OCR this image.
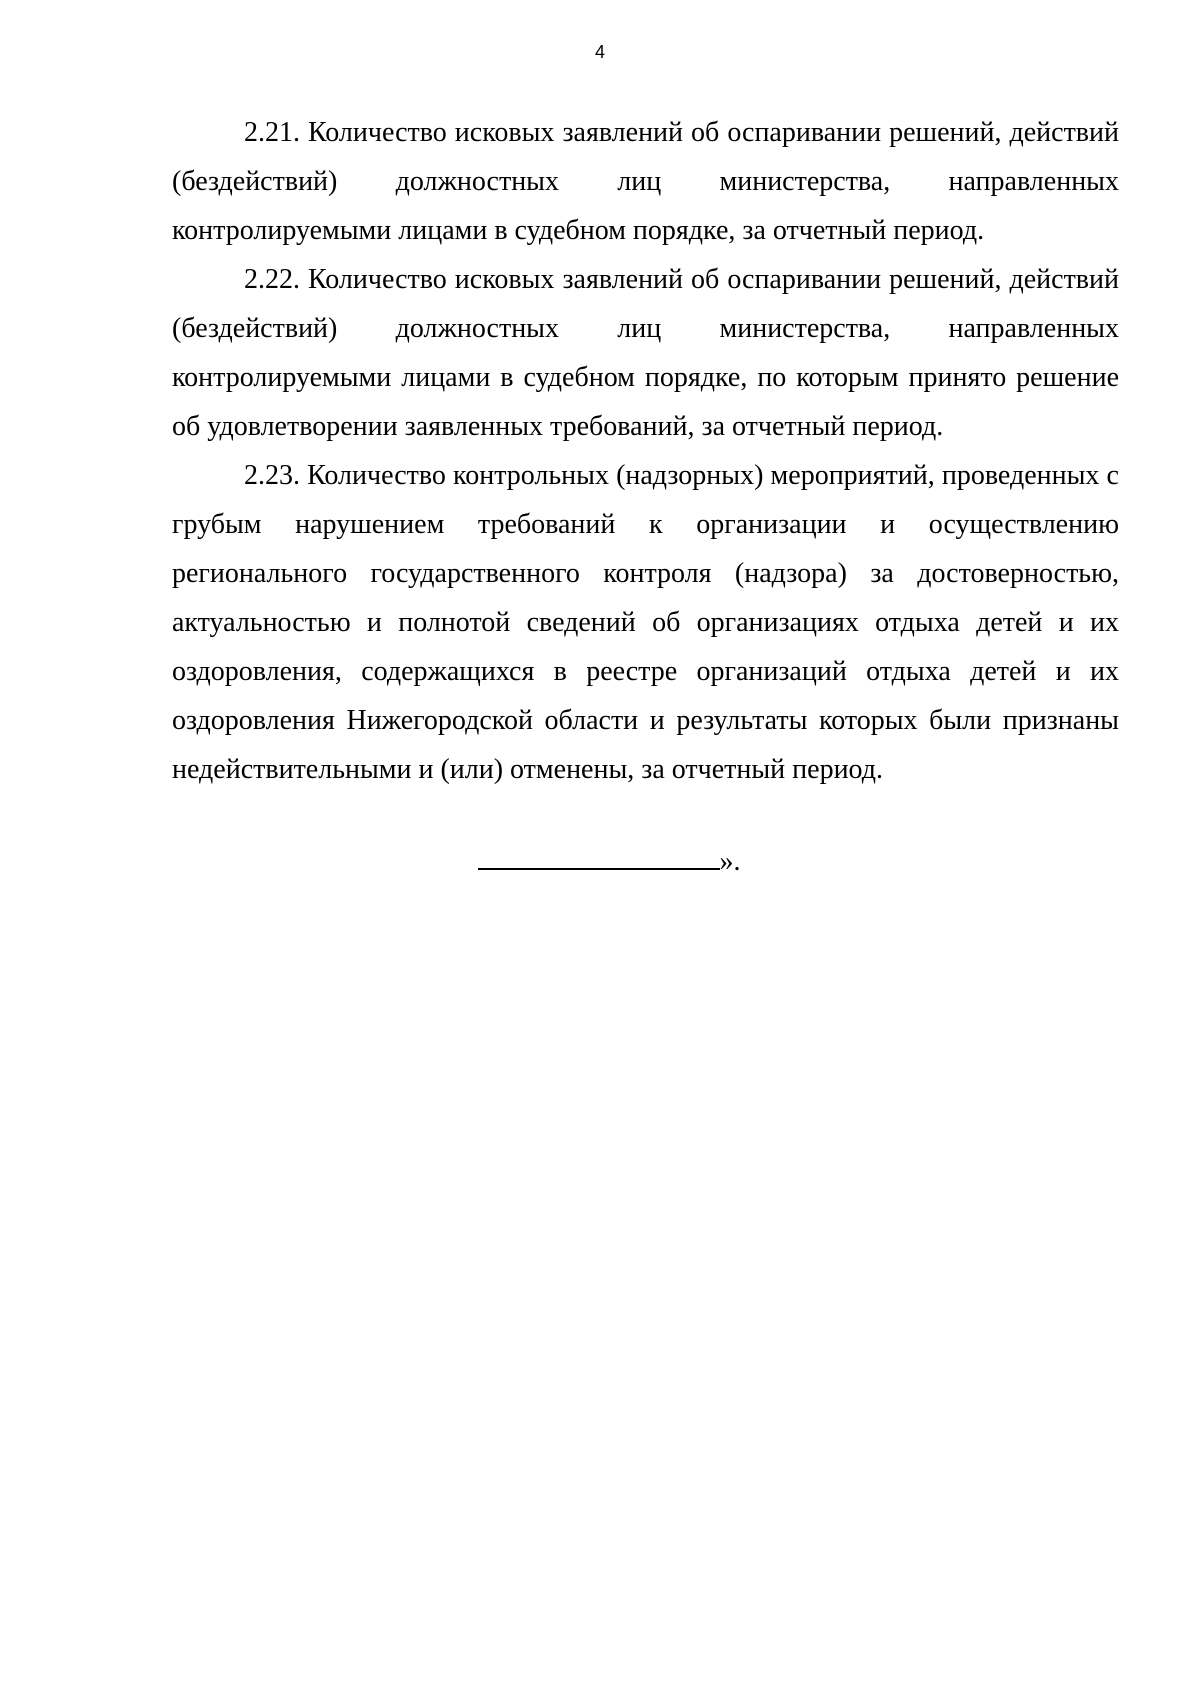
4

2.21. Количество исковых заявлений об оспаривании решений, действий (бездействий) должностных лиц министерства, направленных контролируемыми лицами в судебном порядке, за отчетный период.

2.22. Количество исковых заявлений об оспаривании решений, действий (бездействий) должностных лиц министерства, направленных контролируемыми лицами в судебном порядке, по которым принято решение об удовлетворении заявленных требований, за отчетный период.

2.23. Количество контрольных (надзорных) мероприятий, проведенных с грубым нарушением требований к организации и осуществлению регионального государственного контроля (надзора) за достоверностью, актуальностью и полнотой сведений об организациях отдыха детей и их оздоровления, содержащихся в реестре организаций отдыха детей и их оздоровления Нижегородской области и результаты которых были признаны недействительными и (или) отменены, за отчетный период.

».
